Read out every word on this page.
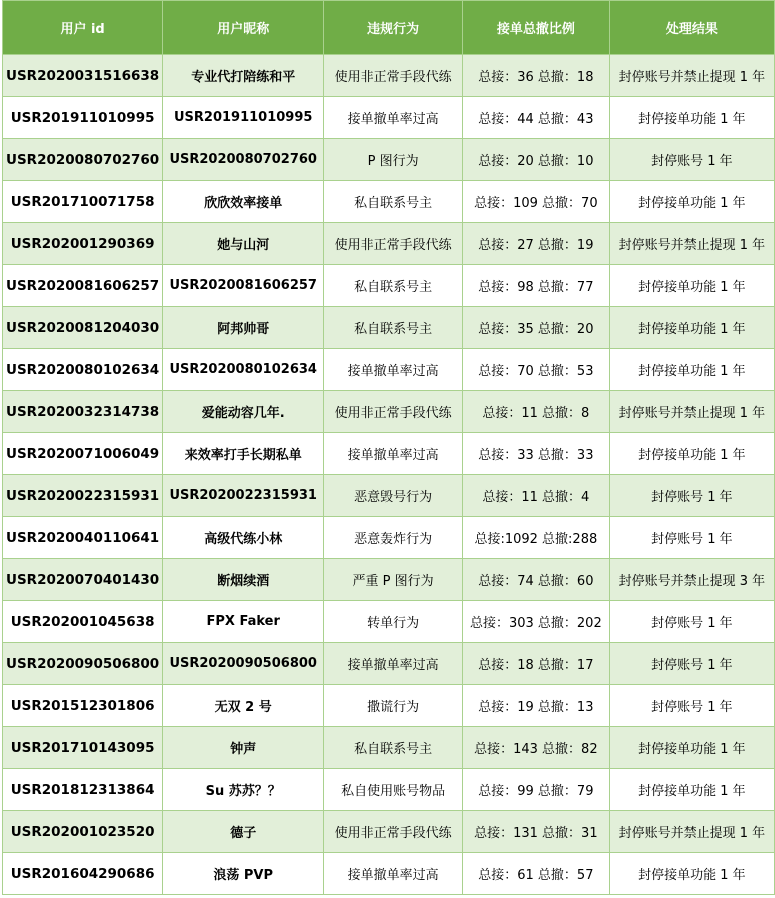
用户 id	用户昵称	违规行为	接单总撤比例	处理结果
USR2020031516638	专业代打陪练和平	使用非正常手段代练	总接：36 总撤：18	封停账号并禁止提现 1 年
USR201911010995	USR201911010995	接单撤单率过高	总接：44 总撤：43	封停接单功能 1 年
USR2020080702760	USR2020080702760	P 图行为	总接：20 总撤：10	封停账号 1 年
USR201710071758	欣欣效率接单	私自联系号主	总接：109 总撤：70	封停接单功能 1 年
USR202001290369	她与山河	使用非正常手段代练	总接：27 总撤：19	封停账号并禁止提现 1 年
USR2020081606257	USR2020081606257	私自联系号主	总接：98 总撤：77	封停接单功能 1 年
USR2020081204030	阿邦帅哥	私自联系号主	总接：35 总撤：20	封停接单功能 1 年
USR2020080102634	USR2020080102634	接单撤单率过高	总接：70 总撤：53	封停接单功能 1 年
USR2020032314738	爱能动容几年.	使用非正常手段代练	总接：11 总撤：8	封停账号并禁止提现 1 年
USR2020071006049	来效率打手长期私单	接单撤单率过高	总接：33 总撤：33	封停接单功能 1 年
USR2020022315931	USR2020022315931	恶意毁号行为	总接：11 总撤：4	封停账号 1 年
USR2020040110641	高级代练小林	恶意轰炸行为	总接:1092 总撤:288	封停账号 1 年
USR2020070401430	断烟续酒	严重 P 图行为	总接：74 总撤：60	封停账号并禁止提现 3 年
USR202001045638	FPX Faker	转单行为	总接：303 总撤：202	封停账号 1 年
USR2020090506800	USR2020090506800	接单撤单率过高	总接：18 总撤：17	封停账号 1 年
USR201512301806	无双 2 号	撒谎行为	总接：19 总撤：13	封停账号 1 年
USR201710143095	钟声	私自联系号主	总接：143 总撤：82	封停接单功能 1 年
USR201812313864	Su 苏苏？？	私自使用账号物品	总接：99 总撤：79	封停接单功能 1 年
USR202001023520	德子	使用非正常手段代练	总接：131 总撤：31	封停账号并禁止提现 1 年
USR201604290686	浪荡 PVP	接单撤单率过高	总接：61 总撤：57	封停接单功能 1 年
